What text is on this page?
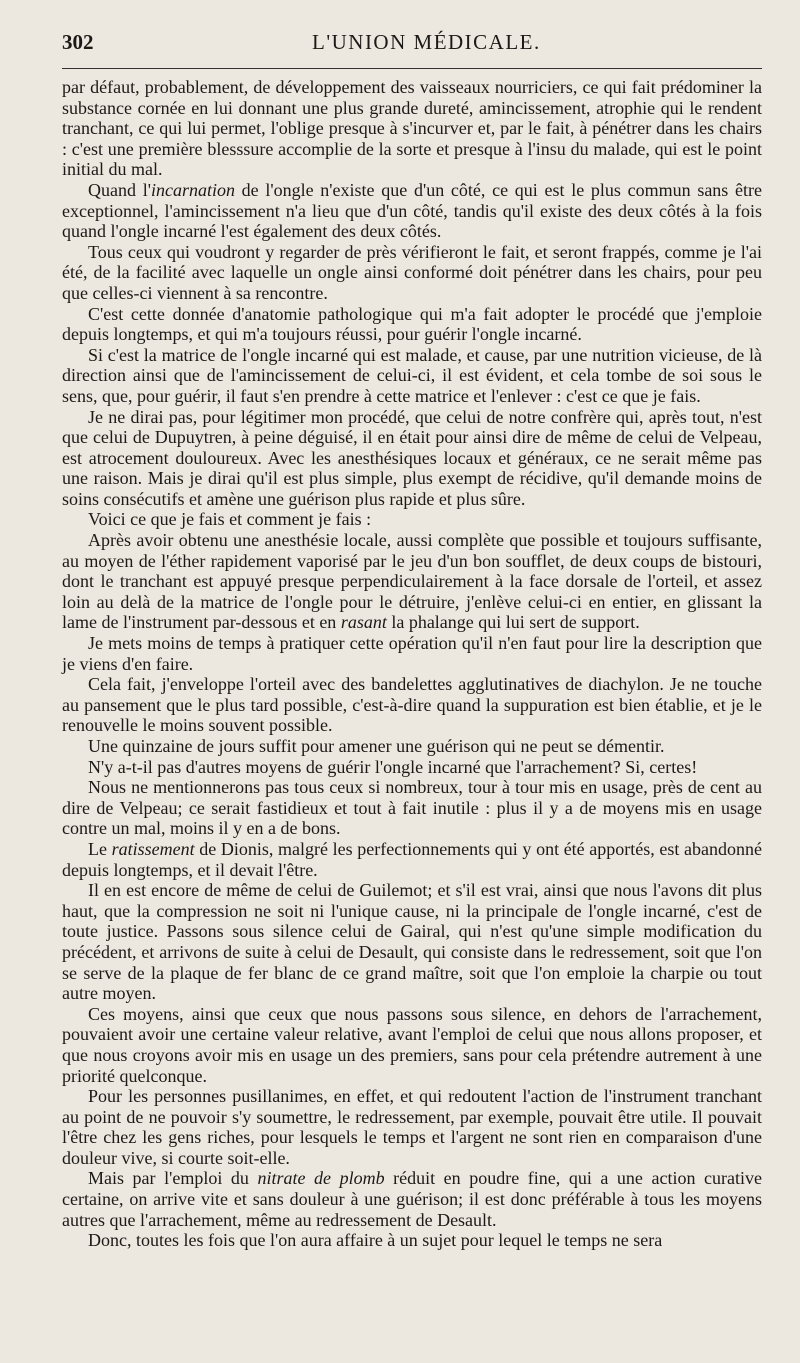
302	L'UNION MÉDICALE.

par défaut, probablement, de développement des vaisseaux nourriciers, ce qui fait prédominer la substance cornée en lui donnant une plus grande dureté, amincissement, atrophie qui le rendent tranchant, ce qui lui permet, l'oblige presque à s'incurver et, par le fait, à pénétrer dans les chairs : c'est une première blesssure accomplie de la sorte et presque à l'insu du malade, qui est le point initial du mal.

Quand l'incarnation de l'ongle n'existe que d'un côté, ce qui est le plus commun sans être exceptionnel, l'amincissement n'a lieu que d'un côté, tandis qu'il existe des deux côtés à la fois quand l'ongle incarné l'est également des deux côtés.

Tous ceux qui voudront y regarder de près vérifieront le fait, et seront frappés, comme je l'ai été, de la facilité avec laquelle un ongle ainsi conformé doit pénétrer dans les chairs, pour peu que celles-ci viennent à sa rencontre.

C'est cette donnée d'anatomie pathologique qui m'a fait adopter le procédé que j'emploie depuis longtemps, et qui m'a toujours réussi, pour guérir l'ongle incarné.

Si c'est la matrice de l'ongle incarné qui est malade, et cause, par une nutrition vicieuse, de là direction ainsi que de l'amincissement de celui-ci, il est évident, et cela tombe de soi sous le sens, que, pour guérir, il faut s'en prendre à cette matrice et l'enlever : c'est ce que je fais.

Je ne dirai pas, pour légitimer mon procédé, que celui de notre confrère qui, après tout, n'est que celui de Dupuytren, à peine déguisé, il en était pour ainsi dire de même de celui de Velpeau, est atrocement douloureux. Avec les anesthésiques locaux et généraux, ce ne serait même pas une raison. Mais je dirai qu'il est plus simple, plus exempt de récidive, qu'il demande moins de soins consécutifs et amène une guérison plus rapide et plus sûre.

Voici ce que je fais et comment je fais :

Après avoir obtenu une anesthésie locale, aussi complète que possible et toujours suffisante, au moyen de l'éther rapidement vaporisé par le jeu d'un bon soufflet, de deux coups de bistouri, dont le tranchant est appuyé presque perpendiculairement à la face dorsale de l'orteil, et assez loin au delà de la matrice de l'ongle pour le détruire, j'enlève celui-ci en entier, en glissant la lame de l'instrument par-dessous et en rasant la phalange qui lui sert de support.

Je mets moins de temps à pratiquer cette opération qu'il n'en faut pour lire la description que je viens d'en faire.

Cela fait, j'enveloppe l'orteil avec des bandelettes agglutinatives de diachylon. Je ne touche au pansement que le plus tard possible, c'est-à-dire quand la suppuration est bien établie, et je le renouvelle le moins souvent possible.

Une quinzaine de jours suffit pour amener une guérison qui ne peut se démentir.

N'y a-t-il pas d'autres moyens de guérir l'ongle incarné que l'arrachement? Si, certes!

Nous ne mentionnerons pas tous ceux si nombreux, tour à tour mis en usage, près de cent au dire de Velpeau; ce serait fastidieux et tout à fait inutile : plus il y a de moyens mis en usage contre un mal, moins il y en a de bons.

Le ratissement de Dionis, malgré les perfectionnements qui y ont été apportés, est abandonné depuis longtemps, et il devait l'être.

Il en est encore de même de celui de Guilemot; et s'il est vrai, ainsi que nous l'avons dit plus haut, que la compression ne soit ni l'unique cause, ni la principale de l'ongle incarné, c'est de toute justice. Passons sous silence celui de Gairal, qui n'est qu'une simple modification du précédent, et arrivons de suite à celui de Desault, qui consiste dans le redressement, soit que l'on se serve de la plaque de fer blanc de ce grand maître, soit que l'on emploie la charpie ou tout autre moyen.

Ces moyens, ainsi que ceux que nous passons sous silence, en dehors de l'arrachement, pouvaient avoir une certaine valeur relative, avant l'emploi de celui que nous allons proposer, et que nous croyons avoir mis en usage un des premiers, sans pour cela prétendre autrement à une priorité quelconque.

Pour les personnes pusillanimes, en effet, et qui redoutent l'action de l'instrument tranchant au point de ne pouvoir s'y soumettre, le redressement, par exemple, pouvait être utile. Il pouvait l'être chez les gens riches, pour lesquels le temps et l'argent ne sont rien en comparaison d'une douleur vive, si courte soit-elle.

Mais par l'emploi du nitrate de plomb réduit en poudre fine, qui a une action curative certaine, on arrive vite et sans douleur à une guérison; il est donc préférable à tous les moyens autres que l'arrachement, même au redressement de Desault.

Donc, toutes les fois que l'on aura affaire à un sujet pour lequel le temps ne sera
